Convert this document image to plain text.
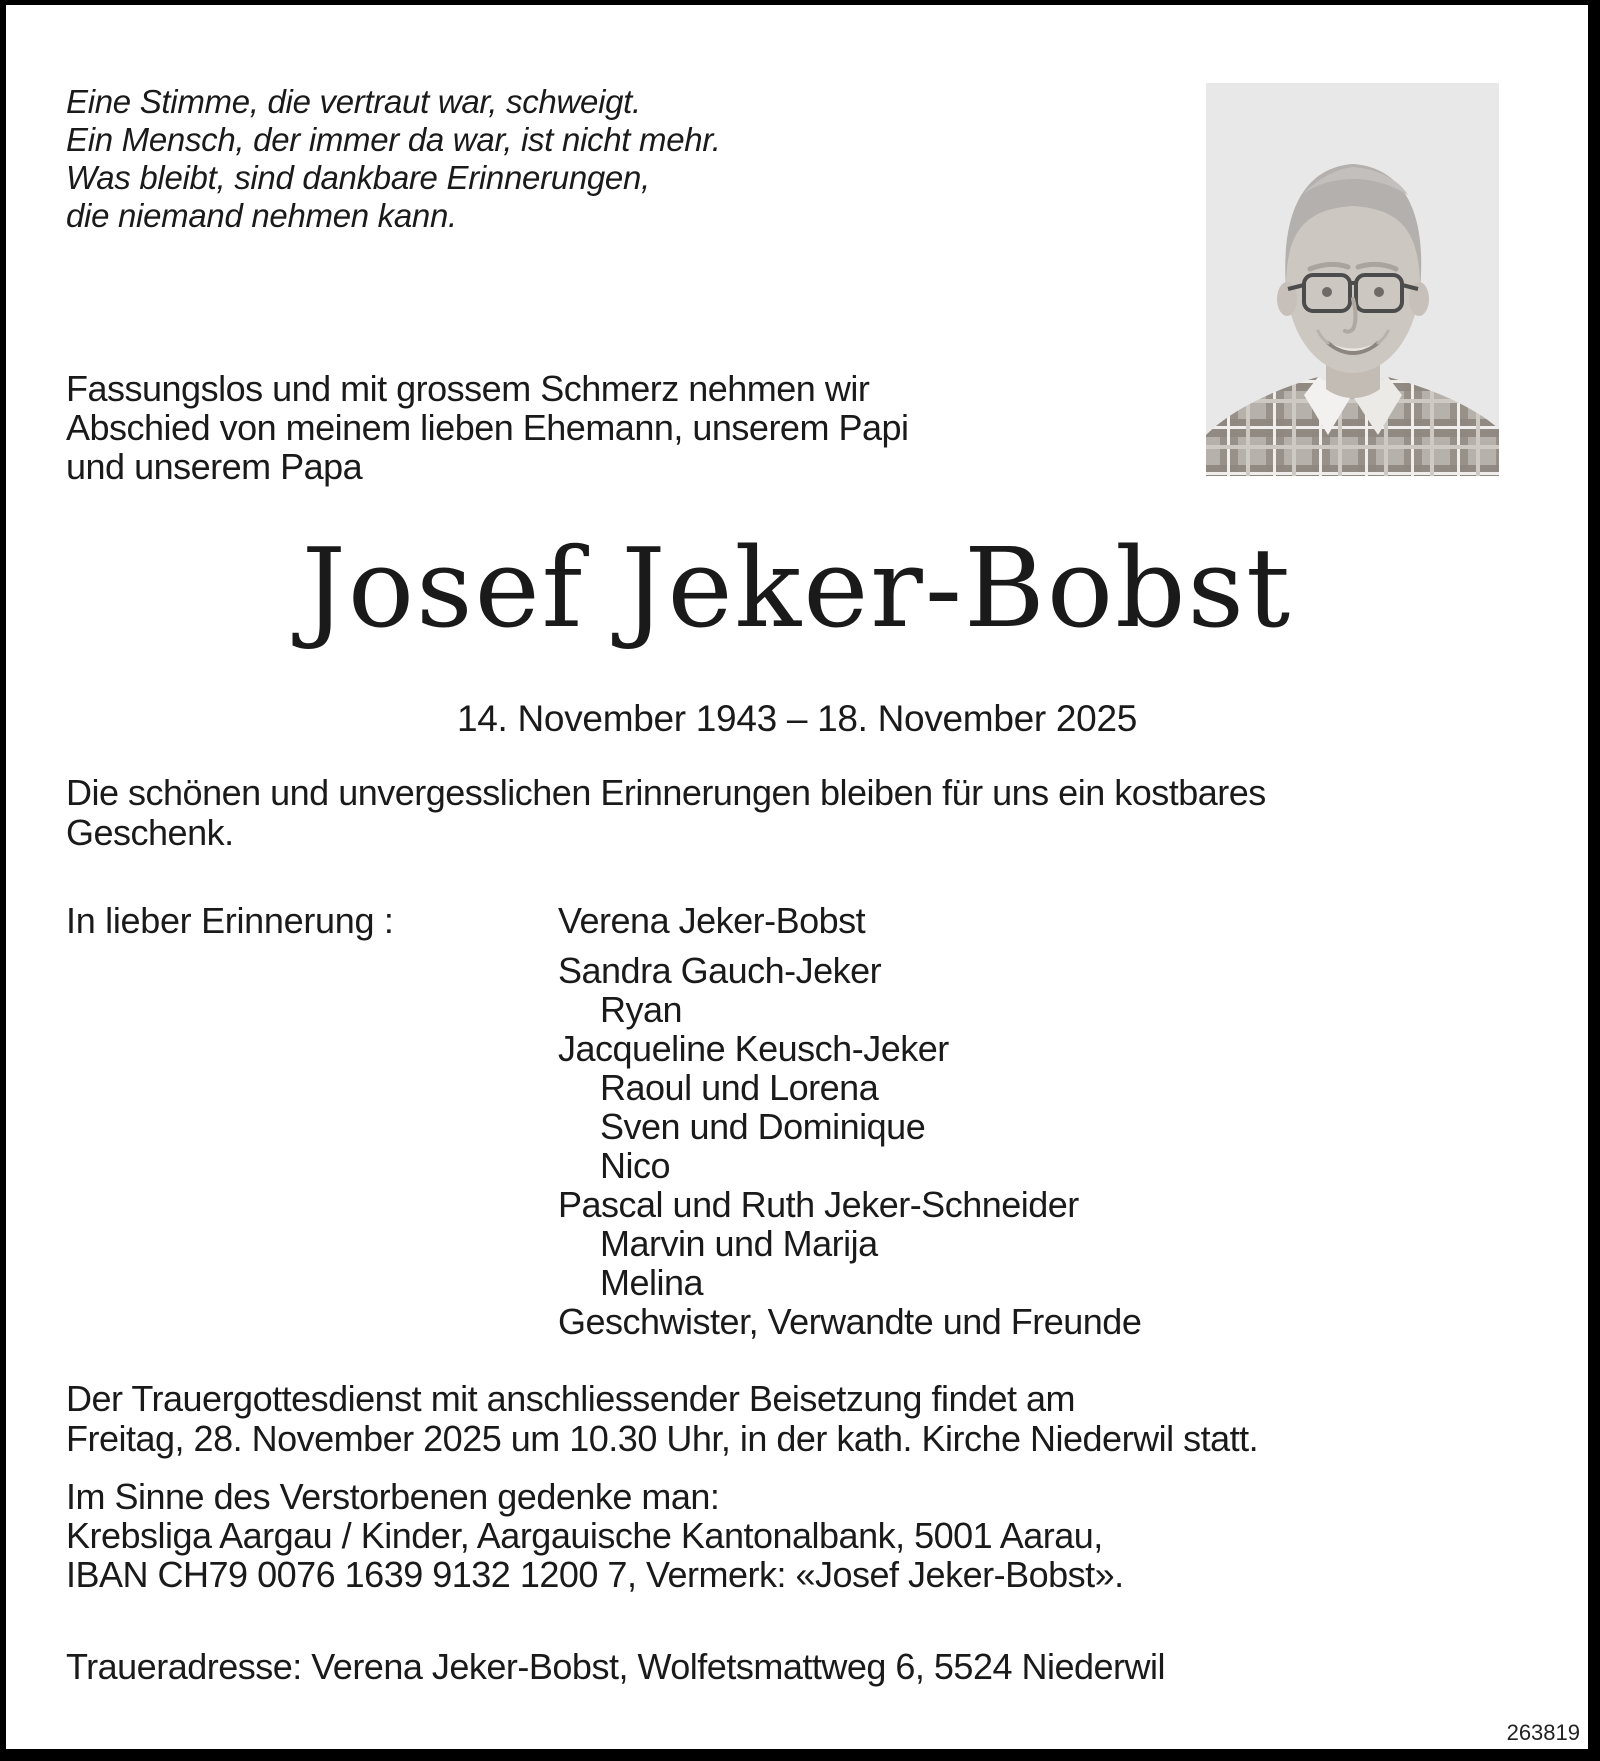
Eine Stimme, die vertraut war, schweigt.
Ein Mensch, der immer da war, ist nicht mehr.
Was bleibt, sind dankbare Erinnerungen,
die niemand nehmen kann.
Fassungslos und mit grossem Schmerz nehmen wir
Abschied von meinem lieben Ehemann, unserem Papi
und unserem Papa
Josef Jeker-Bobst
14. November 1943 – 18. November 2025
Die schönen und unvergesslichen Erinnerungen bleiben für uns ein kostbares
Geschenk.
In lieber Erinnerung :	Verena Jeker-Bobst
Sandra Gauch-Jeker
Ryan
Jacqueline Keusch-Jeker
Raoul und Lorena
Sven und Dominique
Nico
Pascal und Ruth Jeker-Schneider
Marvin und Marija
Melina
Geschwister, Verwandte und Freunde
Der Trauergottesdienst mit anschliessender Beisetzung findet am
Freitag, 28. November 2025 um 10.30 Uhr, in der kath. Kirche Niederwil statt.
Im Sinne des Verstorbenen gedenke man:
Krebsliga Aargau / Kinder, Aargauische Kantonalbank, 5001 Aarau,
IBAN CH79 0076 1639 9132 1200 7, Vermerk: «Josef Jeker-Bobst».
Traueradresse: Verena Jeker-Bobst, Wolfetsmattweg 6, 5524 Niederwil
263819
